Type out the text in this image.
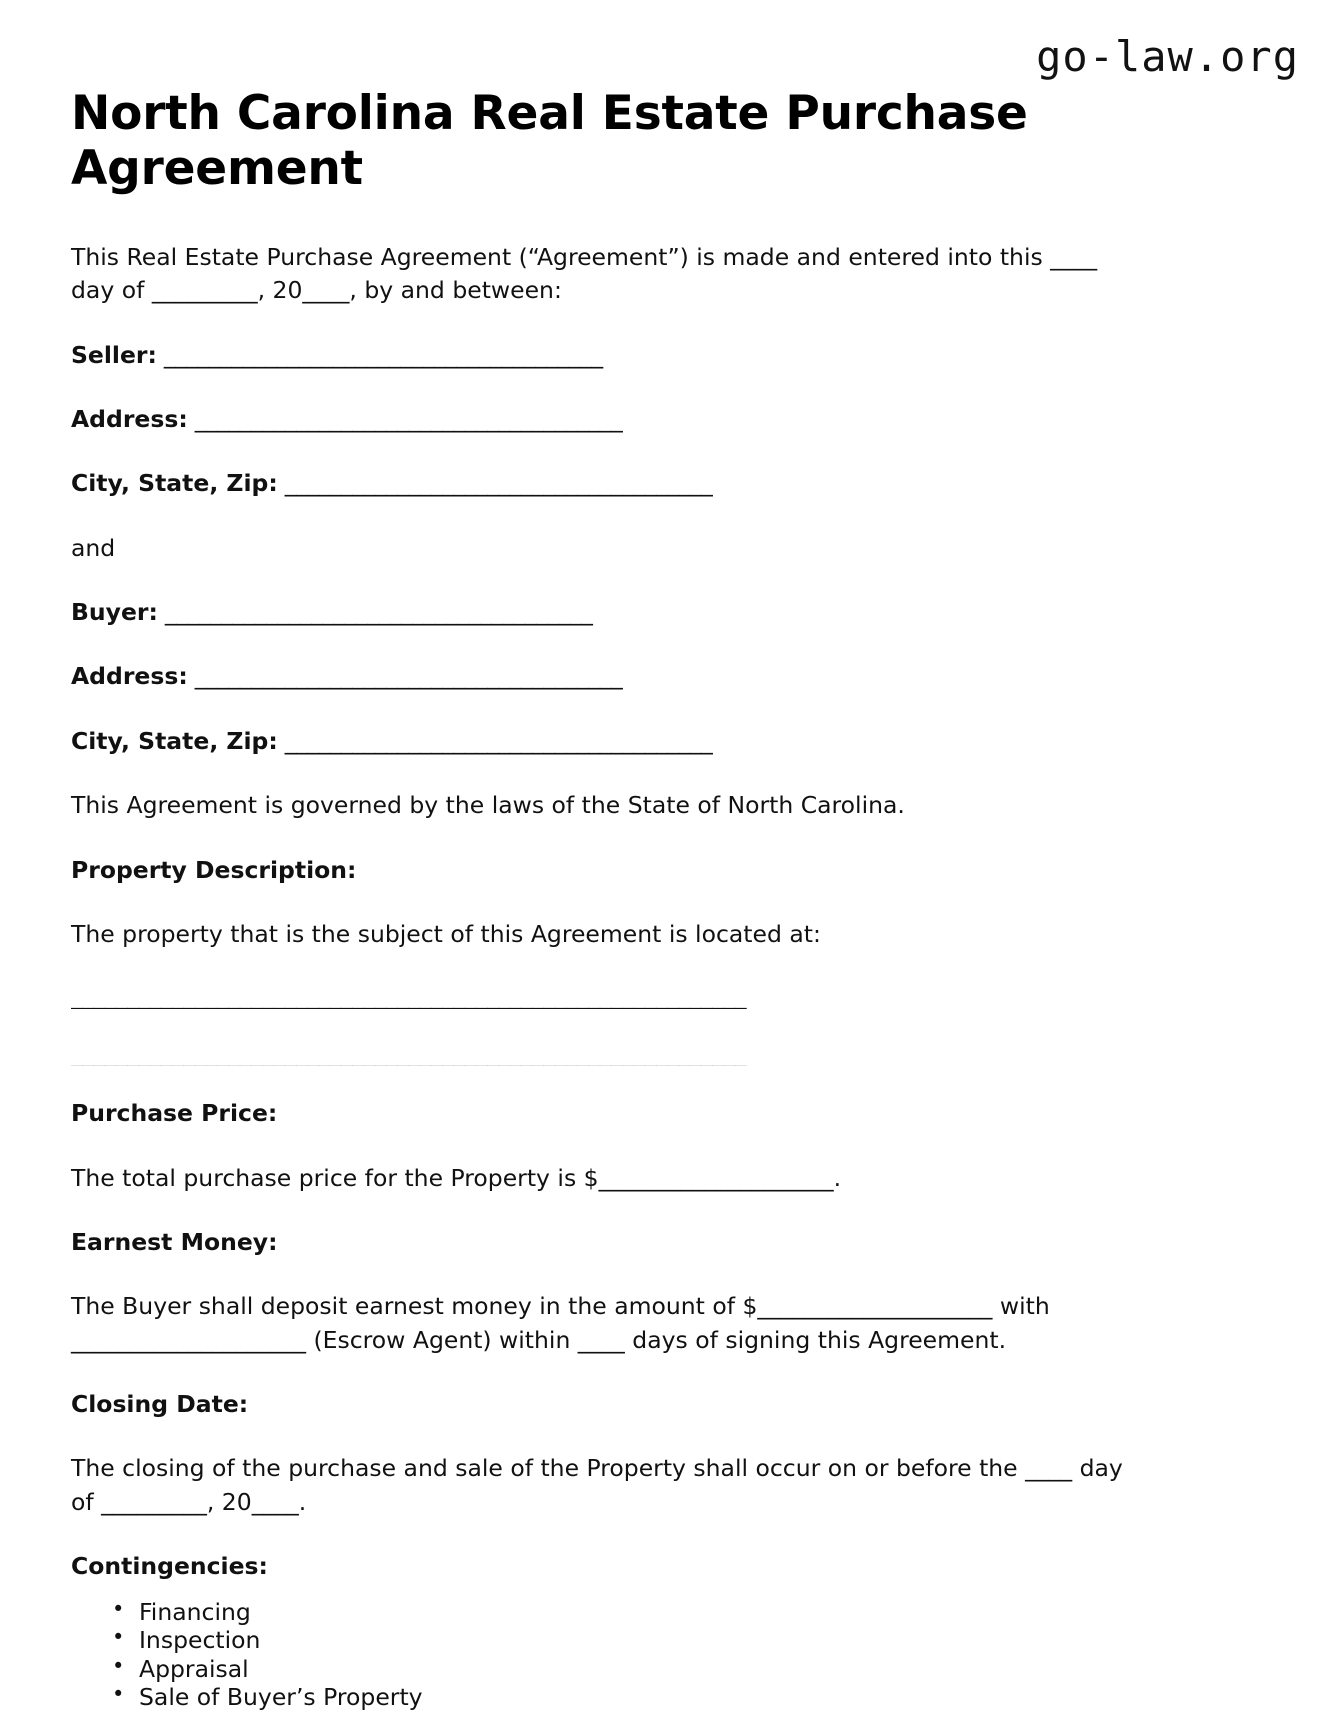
go-law.org
North Carolina Real Estate Purchase Agreement

This Real Estate Purchase Agreement (“Agreement”) is made and entered into this ____

day of _________, 20____, by and between:

Seller: _______________________________________

Address: ______________________________________

City, State, Zip: ______________________________________

and

Buyer: ______________________________________

Address: ______________________________________

City, State, Zip: ______________________________________

This Agreement is governed by the laws of the State of North Carolina.

Property Description:

The property that is the subject of this Agreement is located at:

____________________________________________________________
____________________________________________________________

Purchase Price:

The total purchase price for the Property is $____________________.

Earnest Money:

The Buyer shall deposit earnest money in the amount of $____________________ with

____________________ (Escrow Agent) within ____ days of signing this Agreement.

Closing Date:

The closing of the purchase and sale of the Property shall occur on or before the ____ day

of _________, 20____.

Contingencies:

• Financing
• Inspection
• Appraisal
• Sale of Buyer’s Property
